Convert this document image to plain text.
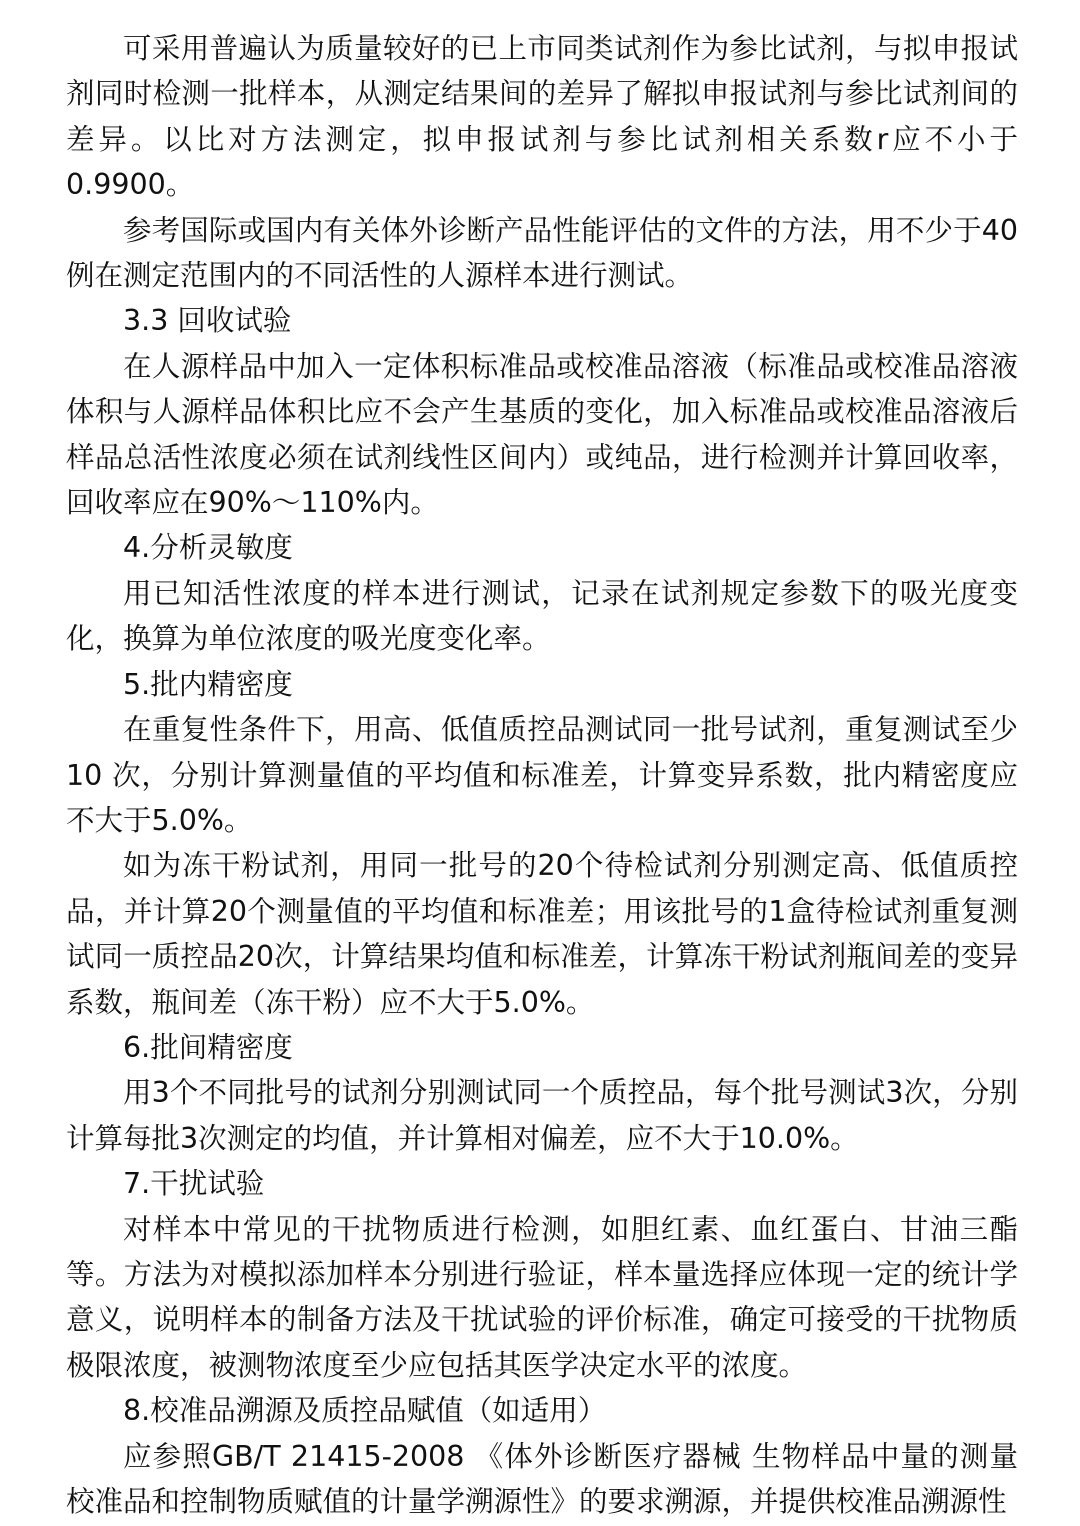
可采用普遍认为质量较好的已上市同类试剂作为参比试剂，与拟申报试剂同时检测一批样本，从测定结果间的差异了解拟申报试剂与参比试剂间的差异。以比对方法测定，拟申报试剂与参比试剂相关系数r应不小于0.9900。

参考国际或国内有关体外诊断产品性能评估的文件的方法，用不少于40例在测定范围内的不同活性的人源样本进行测试。

3.3 回收试验

在人源样品中加入一定体积标准品或校准品溶液（标准品或校准品溶液体积与人源样品体积比应不会产生基质的变化，加入标准品或校准品溶液后样品总活性浓度必须在试剂线性区间内）或纯品，进行检测并计算回收率，回收率应在90%～110%内。

4.分析灵敏度

用已知活性浓度的样本进行测试，记录在试剂规定参数下的吸光度变化，换算为单位浓度的吸光度变化率。

5.批内精密度

在重复性条件下，用高、低值质控品测试同一批号试剂，重复测试至少10 次，分别计算测量值的平均值和标准差，计算变异系数，批内精密度应不大于5.0%。

如为冻干粉试剂，用同一批号的20个待检试剂分别测定高、低值质控品，并计算20个测量值的平均值和标准差；用该批号的1盒待检试剂重复测试同一质控品20次，计算结果均值和标准差，计算冻干粉试剂瓶间差的变异系数，瓶间差（冻干粉）应不大于5.0%。

6.批间精密度

用3个不同批号的试剂分别测试同一个质控品，每个批号测试3次，分别计算每批3次测定的均值，并计算相对偏差，应不大于10.0%。

7.干扰试验

对样本中常见的干扰物质进行检测，如胆红素、血红蛋白、甘油三酯等。方法为对模拟添加样本分别进行验证，样本量选择应体现一定的统计学意义，说明样本的制备方法及干扰试验的评价标准，确定可接受的干扰物质极限浓度，被测物浓度至少应包括其医学决定水平的浓度。

8.校准品溯源及质控品赋值（如适用）

应参照GB/T 21415-2008 《体外诊断医疗器械 生物样品中量的测量校准品和控制物质赋值的计量学溯源性》的要求溯源，并提供校准品溯源性
